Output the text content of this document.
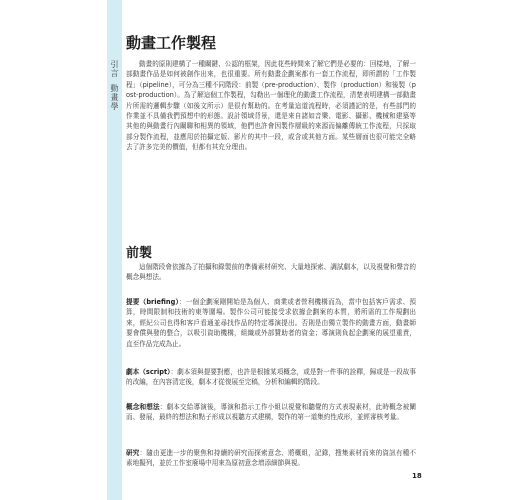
引言動畫學
動畫工作製程

動畫的原則建構了一種關鍵、公認的框架，因此花些時間來了解它們是必要的：回樣地，了解一部動畫作品是如何被創作出來，也很重要。所有動畫企劃案都有一套工作流程，即所謂的「工作製程」（pipeline），可分為三種不同階段：前製（pre-production）、製作（production）和後製（post-production）。為了解這個工作製程，勾勒出一個理化的動畫工作流程，清楚表明建構一部動畫片所需的邏輯步驟（如後文所示）是很有幫助的。在考量這道流程時，必須謹記的是，有些部門的作業並不具備我們預想中的形態。設計領域背景，還是來自諸如音樂、電影、攝影、機械和建築等其他的與動畫行內關聯和相異的領域，他們也許會因製作層級的來源而偏離傳統工作流程，只採取部分製作流程，並應用於拍攝定版、影片的其中一段，或含或其他方面。某些層面也很可能完全略去了許多完美的價值，但都有其充分理由。

前製

這個階段會依據為了拍攝和錄製前的準備素材研究、大量地探索、調試劇本，以及視覺和聲音的概念與想法。

提要（briefing）：一個企劃案剛開始是為個人、商業或者營利機構而為，當中包括客戶需求、預算，時間限制和技術的東等圍場。製作公司可能接受求依據企劃案的本質，將所需的工作規劃出來，經紀公司也得和客戶看通並尋找作品的特定導演提出。否則是由獨立製作的動畫方面，動畫師要會償與發的整合，以吸引資助機構，組織或外部贊助者的資金；導演則負起企劃案的展望重責，直至作品完成為止。

劇本（script）：劇本須與提要對應，也許是根據某項概念，或是對一件事的詮釋，歸或是一段故事的改編，在內容清定後，劇本才從復展至完稿，分析和編輯的階段。

概念和想法：劇本交給導演後，導演和指示工作小組以視覺和聽覺的方式表現素材，此時概念被闡而、發展，最終的想法和點子形成以視聽方式建構，製作的第一道集約性成形，並經審核考量。

研究：隨由更進一步的聚焦和持續的研究而探索意念、將概組，記錄，搜集素材而來的資訊有種不素地擬列，並於工作室廢場中用來為原初意念增添細節與視。

18
